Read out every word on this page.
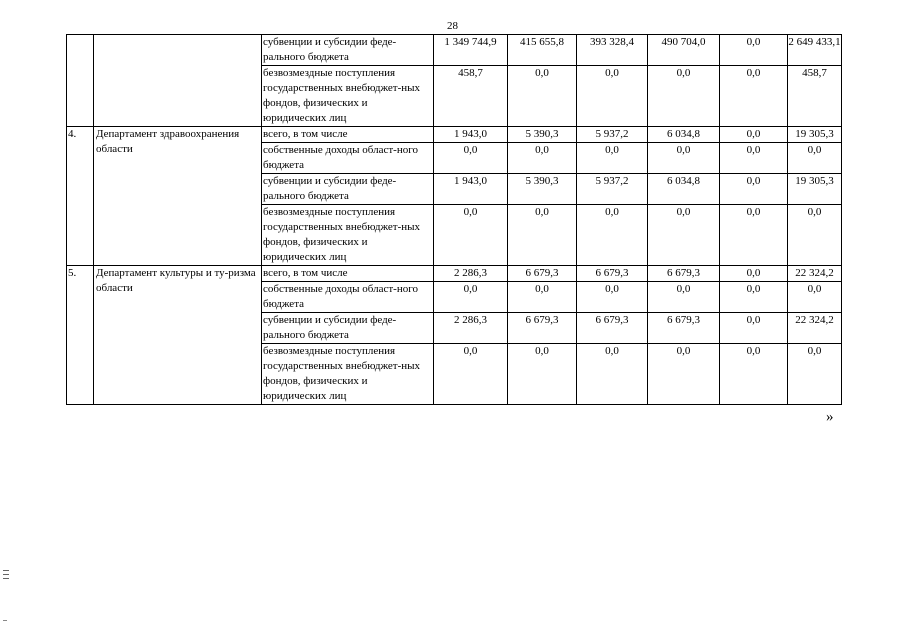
28
		субвенции и субсидии феде-ральнoго бюджета	1 349 744,9	415 655,8	393 328,4	490 704,0	0,0	2 649 433,1
		безвозмездные поступления государственных внебюджет-ных фондов, физических и юридических лиц	458,7	0,0	0,0	0,0	0,0	458,7
4.	Департамент здравоохранения области	всего, в том числе	1 943,0	5 390,3	5 937,2	6 034,8	0,0	19 305,3
		собственные доходы област-ного бюджета	0,0	0,0	0,0	0,0	0,0	0,0
		субвенции и субсидии феде-рального бюджета	1 943,0	5 390,3	5 937,2	6 034,8	0,0	19 305,3
		безвозмездные поступления государственных внебюджет-ных фондов, физических и юридических лиц	0,0	0,0	0,0	0,0	0,0	0,0
5.	Департамент культуры и ту-ризма области	всего, в том числе	2 286,3	6 679,3	6 679,3	6 679,3	0,0	22 324,2
		собственные доходы област-ного бюджета	0,0	0,0	0,0	0,0	0,0	0,0
		субвенции и субсидии феде-рального бюджета	2 286,3	6 679,3	6 679,3	6 679,3	0,0	22 324,2
		безвозмездные поступления государственных внебюджет-ных фондов, физических и юридических лиц	0,0	0,0	0,0	0,0	0,0	0,0
»
